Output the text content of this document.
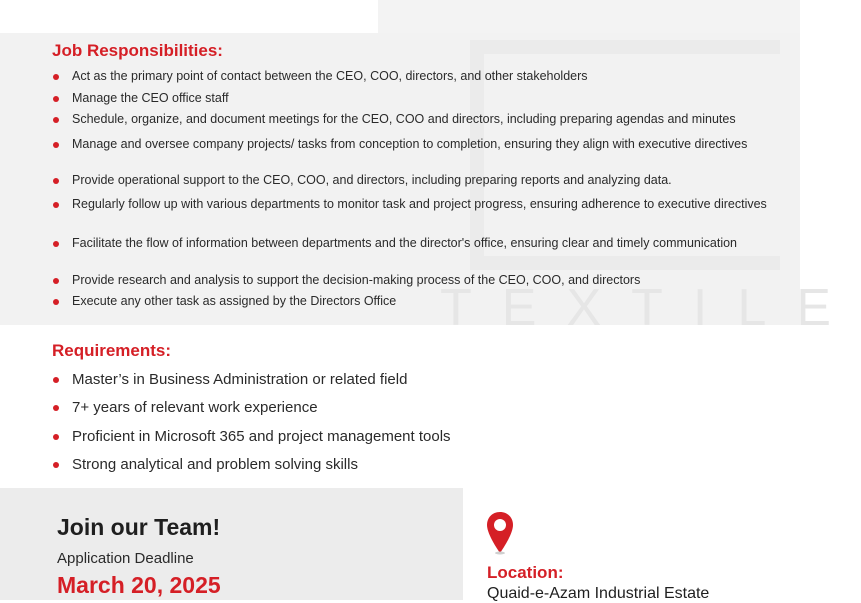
TEXTILE
Job Responsibilities:
Act as the primary point of contact between the CEO, COO, directors, and other stakeholders
Manage the CEO office staff
Schedule, organize, and document meetings for the CEO, COO and directors, including preparing agendas and minutes
Manage and oversee company projects/ tasks from conception to completion, ensuring they align with executive directives
Provide operational support to the CEO, COO, and directors, including preparing reports and analyzing data.
Regularly follow up with various departments to monitor task and project progress, ensuring adherence to executive directives
Facilitate the flow of information between departments and the director's office, ensuring clear and timely communication
Provide research and analysis to support the decision-making process of the CEO, COO, and directors
Execute any other task as assigned by the Directors Office
Requirements:
Master’s in Business Administration or related field
7+ years of relevant work experience
Proficient in Microsoft 365 and project management tools
Strong analytical and problem solving skills
Join our Team!
Application Deadline
March 20, 2025	Location:
Quaid-e-Azam Industrial Estate
